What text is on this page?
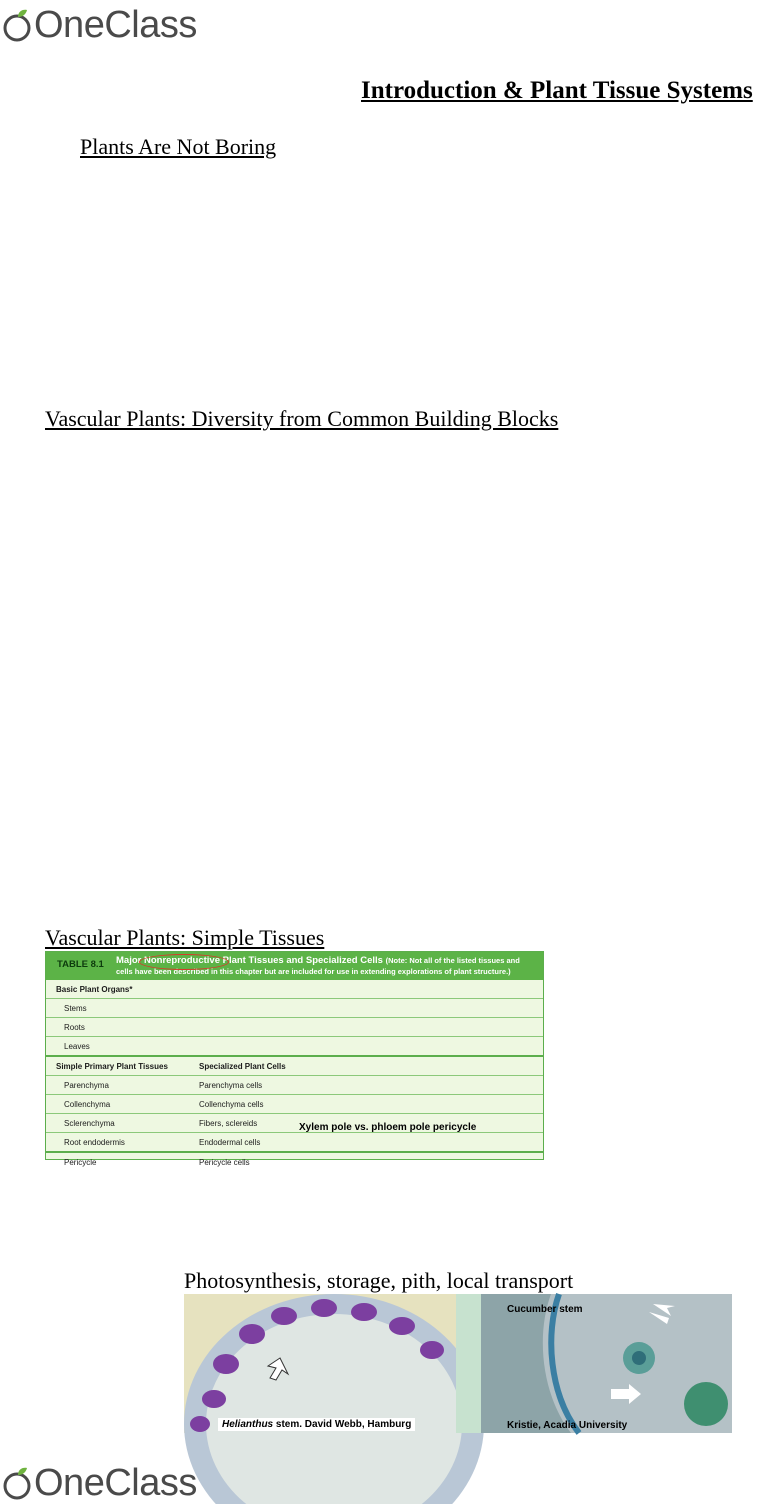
OneClass
Introduction & Plant Tissue Systems
Plants Are Not Boring
Vascular Plants: Diversity from Common Building Blocks
Vascular Plants: Simple Tissues
TABLE 8.1 Major Nonreproductive Plant Tissues and Specialized Cells (Note: Not all of the listed tissues and cells have been described in this chapter but are included for use in extending explorations of plant structure.)
Basic Plant Organs*
Stems
Roots
Leaves
Simple Primary Plant Tissues	Specialized Plant Cells
Parenchyma	Parenchyma cells
Collenchyma	Collenchyma cells
Sclerenchyma	Fibers, sclereids
Root endodermis	Endodermal cells
Pericycle	Pericycle cells
Xylem pole vs. phloem pole pericycle
Photosynthesis, storage, pith, local transport
Helianthus stem. David Webb, Hamburg
Cucumber stem
Kristie, Acadia University
OneClass
